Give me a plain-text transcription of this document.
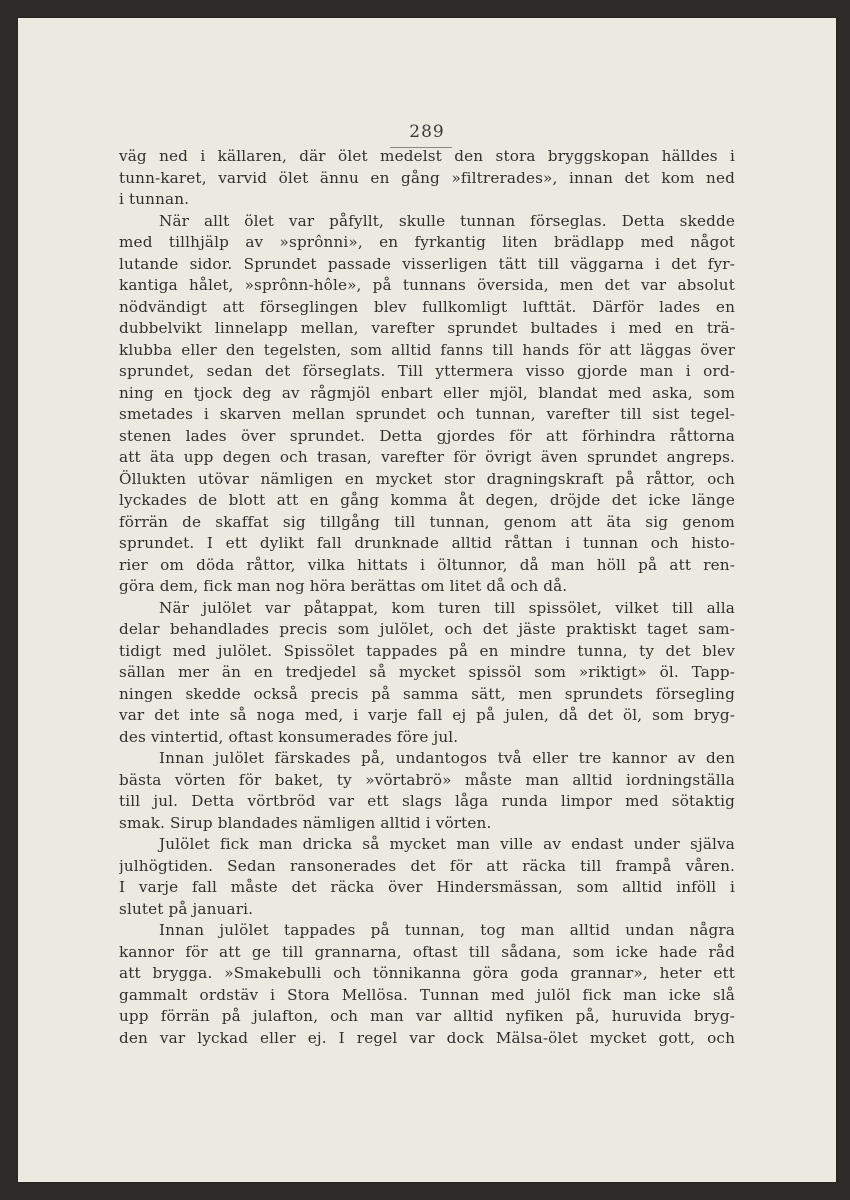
289
väg ned i källaren, där ölet medelst den stora bryggskopan hälldes i
tunn-karet, varvid ölet ännu en gång »filtrerades», innan det kom ned
i tunnan.
När allt ölet var påfyllt, skulle tunnan förseglas. Detta skedde
med tillhjälp av »sprônni», en fyrkantig liten brädlapp med något
lutande sidor. Sprundet passade visserligen tätt till väggarna i det fyr-
kantiga hålet, »sprônn-hôle», på tunnans översida, men det var absolut
nödvändigt att förseglingen blev fullkomligt lufttät. Därför lades en
dubbelvikt linnelapp mellan, varefter sprundet bultades i med en trä-
klubba eller den tegelsten, som alltid fanns till hands för att läggas över
sprundet, sedan det förseglats. Till yttermera visso gjorde man i ord-
ning en tjock deg av rågmjöl enbart eller mjöl, blandat med aska, som
smetades i skarven mellan sprundet och tunnan, varefter till sist tegel-
stenen lades över sprundet. Detta gjordes för att förhindra råttorna
att äta upp degen och trasan, varefter för övrigt även sprundet angreps.
Öllukten utövar nämligen en mycket stor dragningskraft på råttor, och
lyckades de blott att en gång komma åt degen, dröjde det icke länge
förrän de skaffat sig tillgång till tunnan, genom att äta sig genom
sprundet. I ett dylikt fall drunknade alltid råttan i tunnan och histo-
rier om döda råttor, vilka hittats i öltunnor, då man höll på att ren-
göra dem, fick man nog höra berättas om litet då och då.
När julölet var påtappat, kom turen till spissölet, vilket till alla
delar behandlades precis som julölet, och det jäste praktiskt taget sam-
tidigt med julölet. Spissölet tappades på en mindre tunna, ty det blev
sällan mer än en tredjedel så mycket spissöl som »riktigt» öl. Tapp-
ningen skedde också precis på samma sätt, men sprundets försegling
var det inte så noga med, i varje fall ej på julen, då det öl, som bryg-
des vintertid, oftast konsumerades före jul.
Innan julölet färskades på, undantogos två eller tre kannor av den
bästa vörten för baket, ty »vörtabrö» måste man alltid iordningställa
till jul. Detta vörtbröd var ett slags låga runda limpor med sötaktig
smak. Sirup blandades nämligen alltid i vörten.
Julölet fick man dricka så mycket man ville av endast under själva
julhögtiden. Sedan ransonerades det för att räcka till frampå våren.
I varje fall måste det räcka över Hindersmässan, som alltid inföll i
slutet på januari.
Innan julölet tappades på tunnan, tog man alltid undan några
kannor för att ge till grannarna, oftast till sådana, som icke hade råd
att brygga. »Smakebulli och tönnikanna göra goda grannar», heter ett
gammalt ordstäv i Stora Mellösa. Tunnan med julöl fick man icke slå
upp förrän på julafton, och man var alltid nyfiken på, huruvida bryg-
den var lyckad eller ej. I regel var dock Mälsa-ölet mycket gott, och
